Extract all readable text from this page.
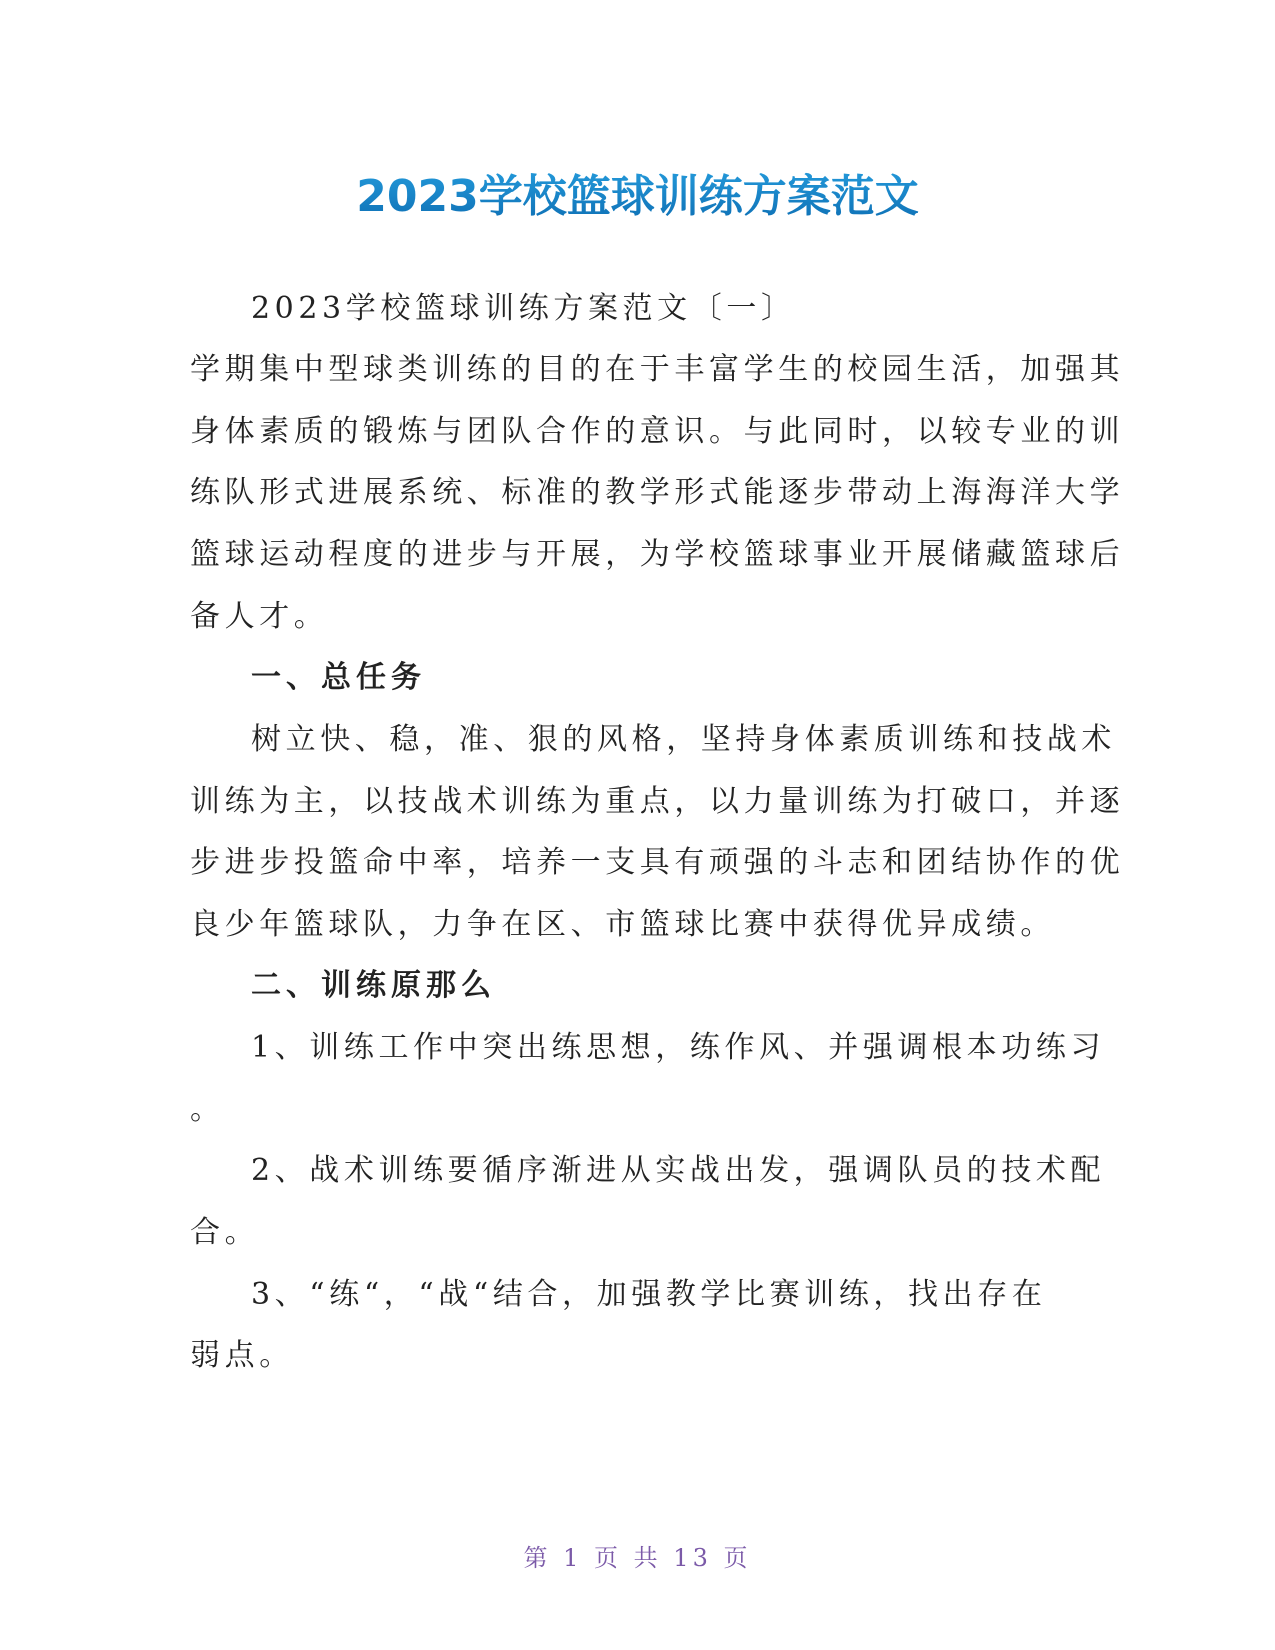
2023学校篮球训练方案范文
2023学校篮球训练方案范文〔一〕
学期集中型球类训练的目的在于丰富学生的校园生活，加强其
身体素质的锻炼与团队合作的意识。与此同时，以较专业的训
练队形式进展系统、标准的教学形式能逐步带动上海海洋大学
篮球运动程度的进步与开展，为学校篮球事业开展储藏篮球后
备人才。
一、总任务
树立快、稳，准、狠的风格，坚持身体素质训练和技战术
训练为主，以技战术训练为重点，以力量训练为打破口，并逐
步进步投篮命中率，培养一支具有顽强的斗志和团结协作的优
良少年篮球队，力争在区、市篮球比赛中获得优异成绩。
二、训练原那么
1、训练工作中突出练思想，练作风、并强调根本功练习
。
2、战术训练要循序渐进从实战出发，强调队员的技术配
合。
3、“练“，“战“结合，加强教学比赛训练，找出存在
弱点。
第 1 页 共 13 页
